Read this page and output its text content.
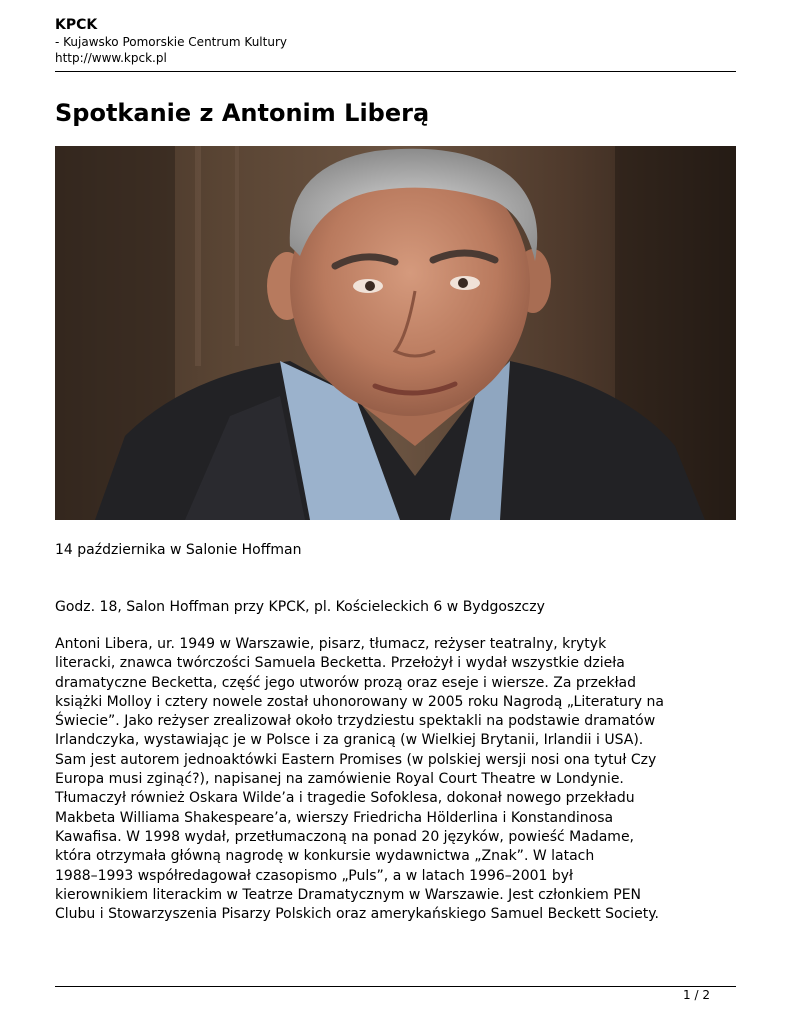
KPCK
- Kujawsko Pomorskie Centrum Kultury
http://www.kpck.pl
Spotkanie z Antonim Liberą
14 października w Salonie Hoffman
Godz. 18, Salon Hoffman przy KPCK, pl. Kościeleckich 6 w Bydgoszczy
Antoni Libera, ur. 1949 w Warszawie, pisarz, tłumacz, reżyser teatralny, krytyk
literacki, znawca twórczości Samuela Becketta. Przełożył i wydał wszystkie dzieła
dramatyczne Becketta, część jego utworów prozą oraz eseje i wiersze. Za przekład
książki Molloy i cztery nowele został uhonorowany w 2005 roku Nagrodą „Literatury na
Świecie”. Jako reżyser zrealizował około trzydziestu spektakli na podstawie dramatów
Irlandczyka, wystawiając je w Polsce i za granicą (w Wielkiej Brytanii, Irlandii i USA).
Sam jest autorem jednoaktówki Eastern Promises (w polskiej wersji nosi ona tytuł Czy
Europa musi zginąć?), napisanej na zamówienie Royal Court Theatre w Londynie.
Tłumaczył również Oskara Wilde’a i tragedie Sofoklesa, dokonał nowego przekładu
Makbeta Williama Shakespeare’a, wierszy Friedricha Hölderlina i Konstandinosa
Kawafisa. W 1998 wydał, przetłumaczoną na ponad 20 języków, powieść Madame,
która otrzymała główną nagrodę w konkursie wydawnictwa „Znak”. W latach
1988–1993 współredagował czasopismo „Puls”, a w latach 1996–2001 był
kierownikiem literackim w Teatrze Dramatycznym w Warszawie. Jest członkiem PEN
Clubu i Stowarzyszenia Pisarzy Polskich oraz amerykańskiego Samuel Beckett Society.
1 / 2
